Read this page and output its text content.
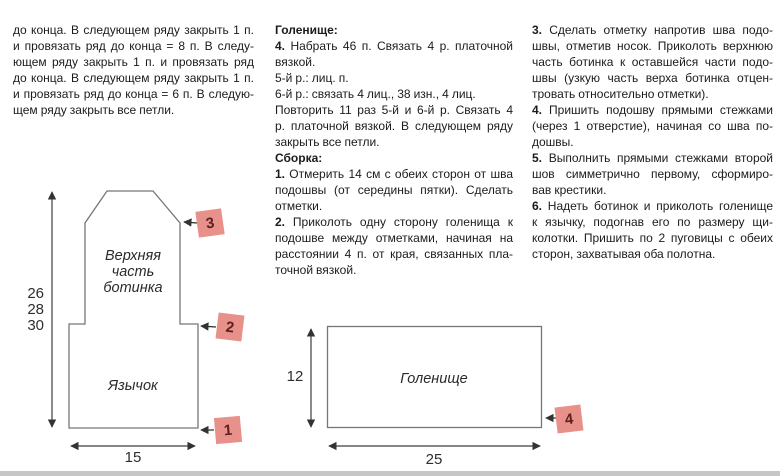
до конца. В следующем ряду закрыть 1 п.
и провязать ряд до конца = 8 п. В следу-
ющем ряду закрыть 1 п. и провязать ряд
до конца. В следующем ряду закрыть 1 п.
и провязать ряд до конца = 6 п. В следую-
щем ряду закрыть все петли.
Голенище:
4. Набрать 46 п. Связать 4 р. платочной
вязкой.
5-й р.: лиц. п.
6-й р.: связать 4 лиц., 38 изн., 4 лиц.
Повторить 11 раз 5-й и 6-й р. Связать 4
р. платочной вязкой. В следующем ряду
закрыть все петли.
Сборка:
1. Отмерить 14 см с обеих сторон от шва
подошвы (от середины пятки). Сделать
отметки.
2. Приколоть одну сторону голенища к
подошве между отметками, начиная на
расстоянии 4 п. от края, связанных пла-
точной вязкой.
3. Сделать отметку напротив шва подо-
швы, отметив носок. Приколоть верхнюю
часть ботинка к оставшейся части подо-
швы (узкую часть верха ботинка отцен-
тровать относительно отметки).
4. Пришить подошву прямыми стежками
(через 1 отверстие), начиная со шва по-
дошвы.
5. Выполнить прямыми стежками второй
шов симметрично первому, сформиро-
вав крестики.
6. Надеть ботинок и приколоть голенище
к язычку, подогнав его по размеру щи-
колотки. Пришить по 2 пуговицы с обеих
сторон, захватывая оба полотна.
26
28
30
15
Верхняя
часть
ботинка
Язычок
3
2
1
12
25
Голенище
4
